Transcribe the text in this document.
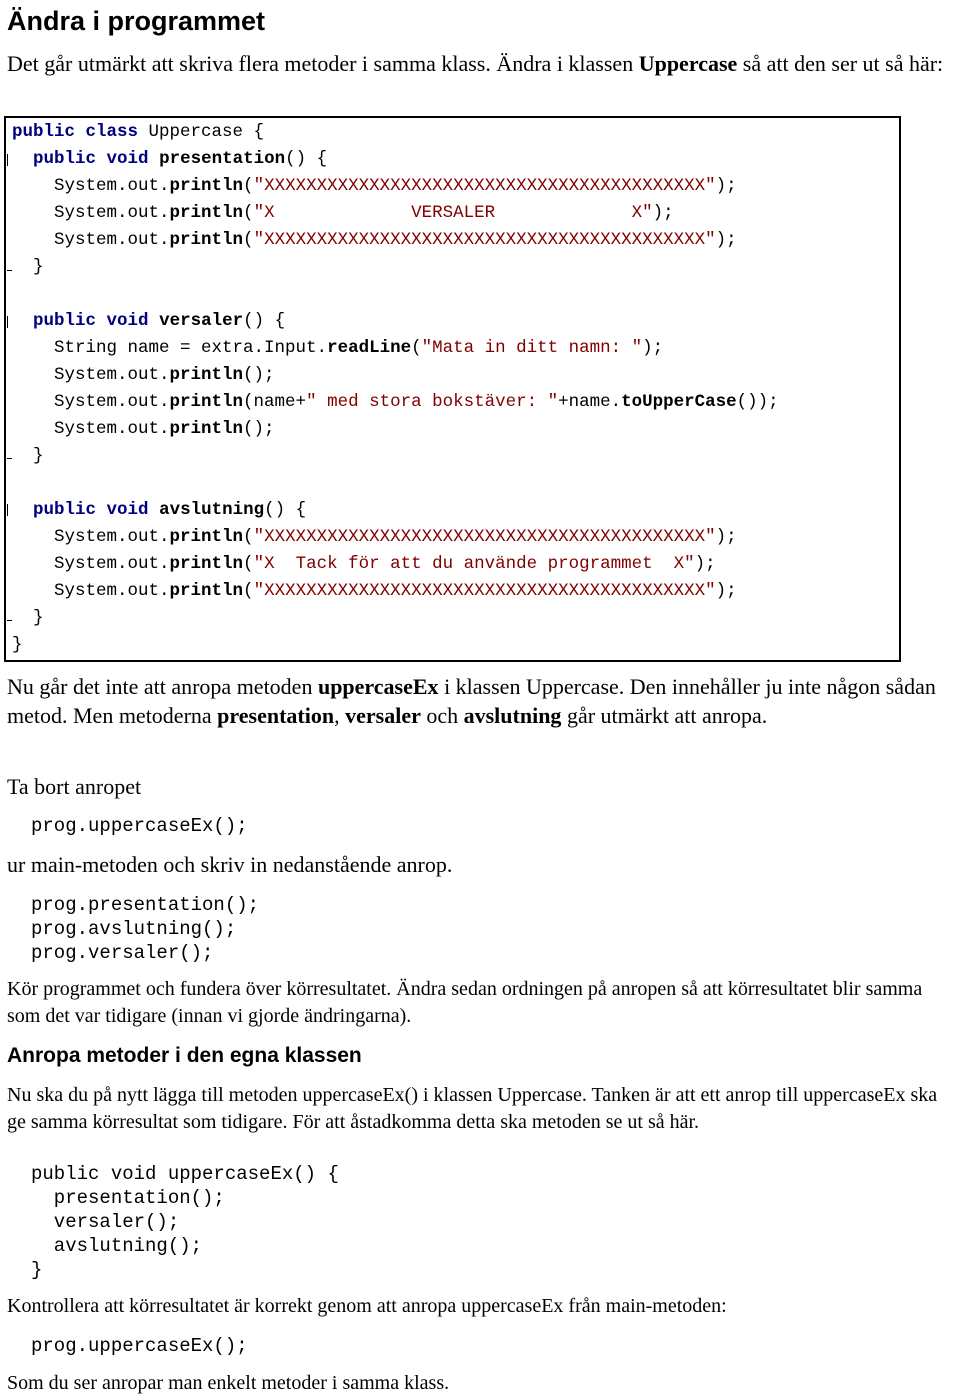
Ändra i programmet

Det går utmärkt att skriva flera metoder i samma klass. Ändra i klassen Uppercase så att den ser ut så här:

public class Uppercase {
public void presentation() {
System.out.println("XXXXXXXXXXXXXXXXXXXXXXXXXXXXXXXXXXXXXXXXXX");
System.out.println("X             VERSALER             X");
System.out.println("XXXXXXXXXXXXXXXXXXXXXXXXXXXXXXXXXXXXXXXXXX");
}
public void versaler() {
String name = extra.Input.readLine("Mata in ditt namn: ");
System.out.println();
System.out.println(name+" med stora bokstäver: "+name.toUpperCase());
System.out.println();
}
public void avslutning() {
System.out.println("XXXXXXXXXXXXXXXXXXXXXXXXXXXXXXXXXXXXXXXXXX");
System.out.println("X  Tack för att du använde programmet  X");
System.out.println("XXXXXXXXXXXXXXXXXXXXXXXXXXXXXXXXXXXXXXXXXX");
}
}

Nu går det inte att anropa metoden uppercaseEx i klassen Uppercase. Den innehåller ju inte någon sådan metod. Men metoderna presentation, versaler och avslutning går utmärkt att anropa.

Ta bort anropet

prog.uppercaseEx();

ur main-metoden och skriv in nedanstående anrop.

prog.presentation();
prog.avslutning();
prog.versaler();

Kör programmet och fundera över körresultatet. Ändra sedan ordningen på anropen så att körresultatet blir samma som det var tidigare (innan vi gjorde ändringarna).

Anropa metoder i den egna klassen

Nu ska du på nytt lägga till metoden uppercaseEx() i klassen Uppercase. Tanken är att ett anrop till uppercaseEx ska ge samma körresultat som tidigare. För att åstadkomma detta ska metoden se ut så här.

public void uppercaseEx() {
presentation();
versaler();
avslutning();
}

Kontrollera att körresultatet är korrekt genom att anropa uppercaseEx från main-metoden:

prog.uppercaseEx();

Som du ser anropar man enkelt metoder i samma klass.
